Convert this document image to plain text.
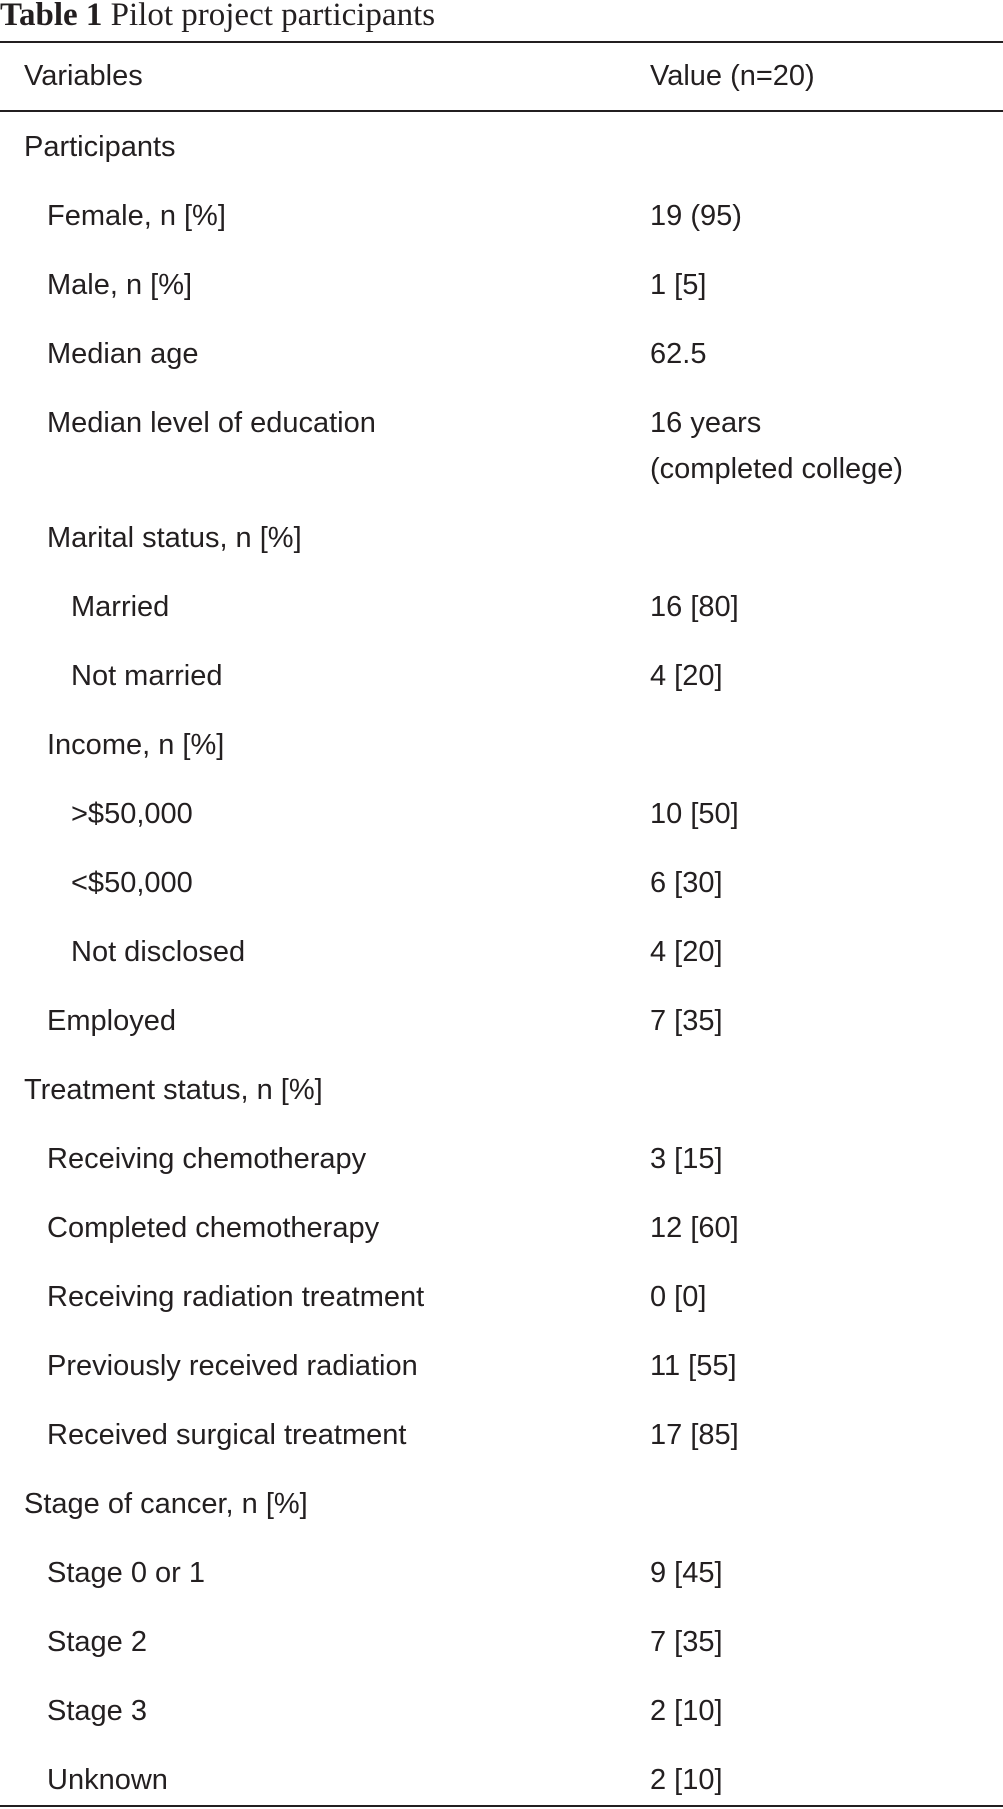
Table 1 Pilot project participants
Variables	Value (n=20)
Participants
Female, n [%]	19 (95)
Male, n [%]	1 [5]
Median age	62.5
Median level of education	16 years
(completed college)
Marital status, n [%]
Married	16 [80]
Not married	4 [20]
Income, n [%]
>$50,000	10 [50]
<$50,000	6 [30]
Not disclosed	4 [20]
Employed	7 [35]
Treatment status, n [%]
Receiving chemotherapy	3 [15]
Completed chemotherapy	12 [60]
Receiving radiation treatment	0 [0]
Previously received radiation	11 [55]
Received surgical treatment	17 [85]
Stage of cancer, n [%]
Stage 0 or 1	9 [45]
Stage 2	7 [35]
Stage 3	2 [10]
Unknown	2 [10]
